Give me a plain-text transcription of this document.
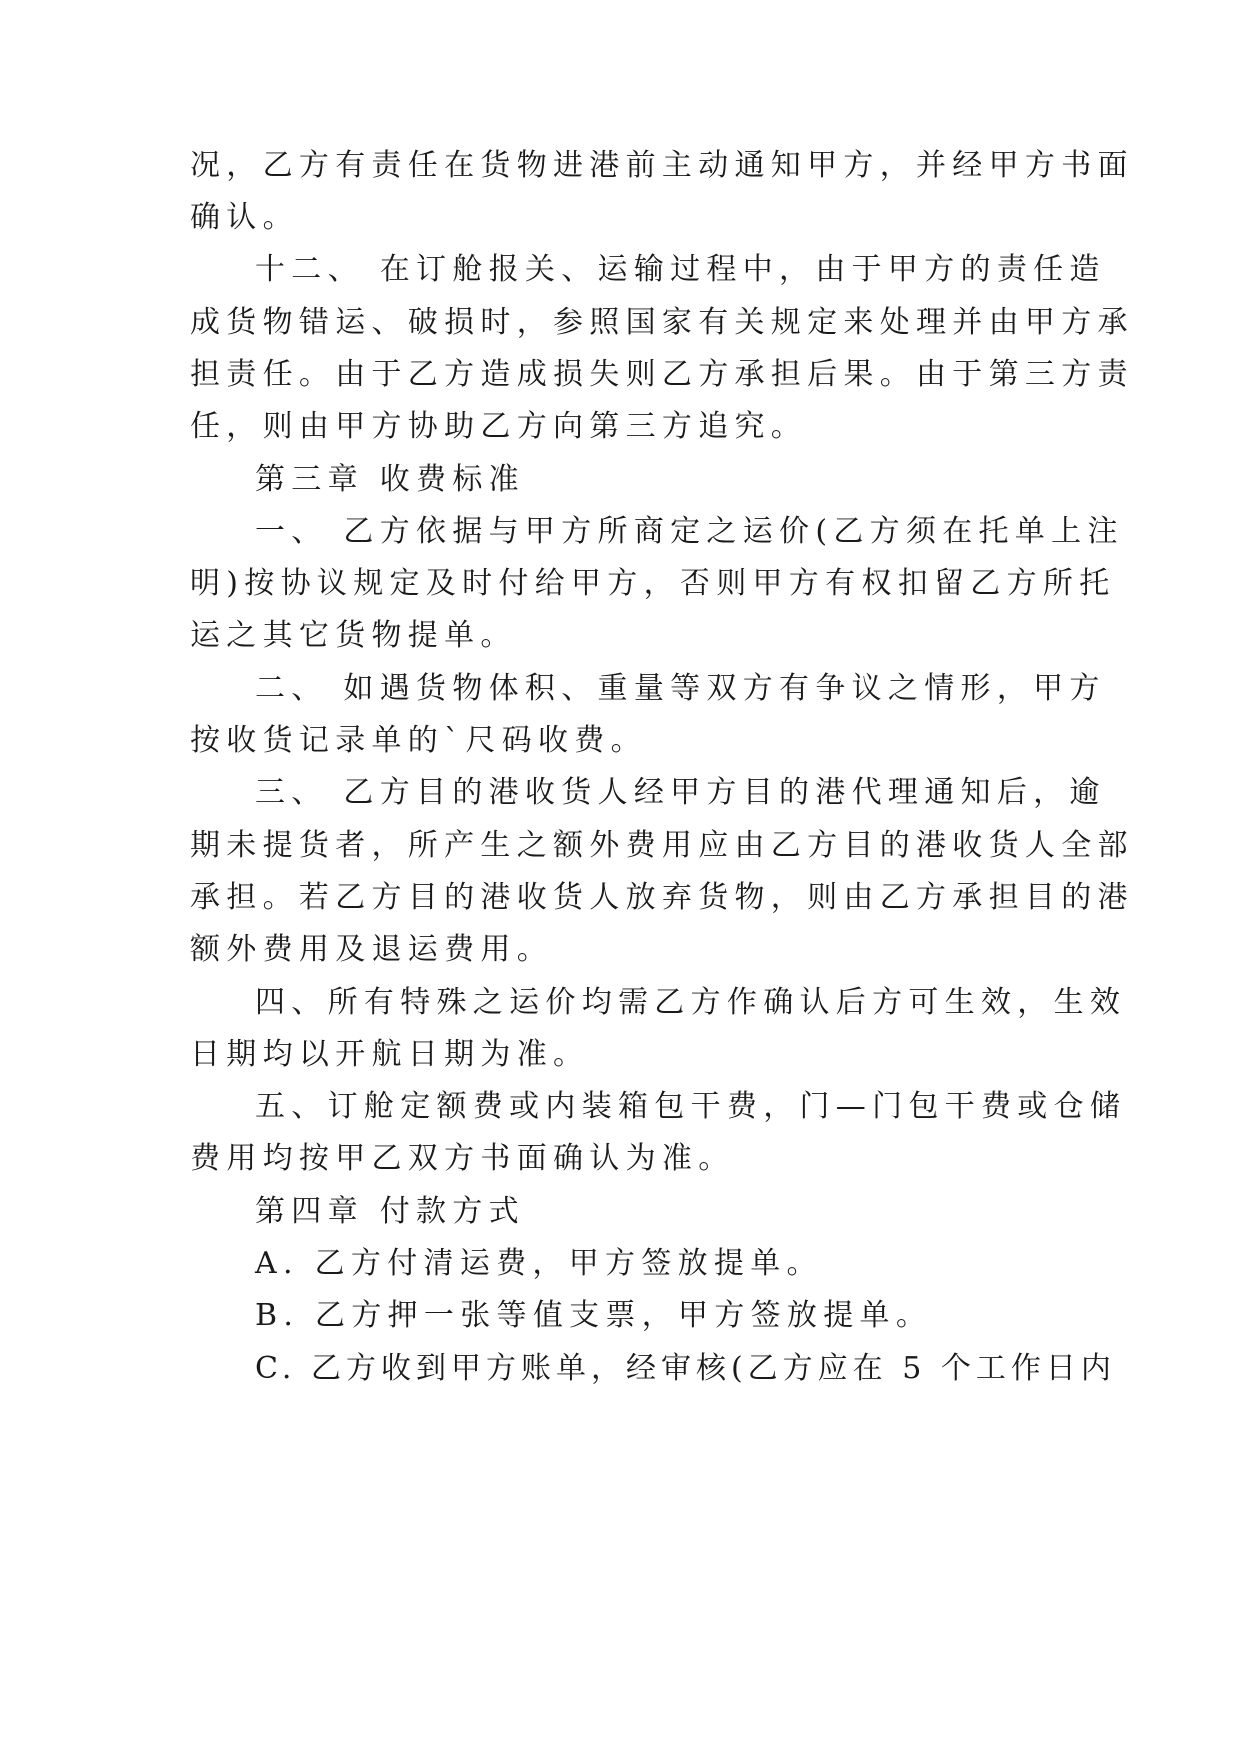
况，乙方有责任在货物进港前主动通知甲方，并经甲方书面
确认。
十二、 在订舱报关、运输过程中，由于甲方的责任造
成货物错运、破损时，参照国家有关规定来处理并由甲方承
担责任。由于乙方造成损失则乙方承担后果。由于第三方责
任，则由甲方协助乙方向第三方追究。
第三章 收费标准
一、 乙方依据与甲方所商定之运价(乙方须在托单上注
明)按协议规定及时付给甲方，否则甲方有权扣留乙方所托
运之其它货物提单。
二、 如遇货物体积、重量等双方有争议之情形，甲方
按收货记录单的`尺码收费。
三、 乙方目的港收货人经甲方目的港代理通知后，逾
期未提货者，所产生之额外费用应由乙方目的港收货人全部
承担。若乙方目的港收货人放弃货物，则由乙方承担目的港
额外费用及退运费用。
四、所有特殊之运价均需乙方作确认后方可生效，生效
日期均以开航日期为准。
五、订舱定额费或内装箱包干费，门—门包干费或仓储
费用均按甲乙双方书面确认为准。
第四章 付款方式
A. 乙方付清运费，甲方签放提单。
B. 乙方押一张等值支票，甲方签放提单。
C. 乙方收到甲方账单，经审核(乙方应在 5 个工作日内
